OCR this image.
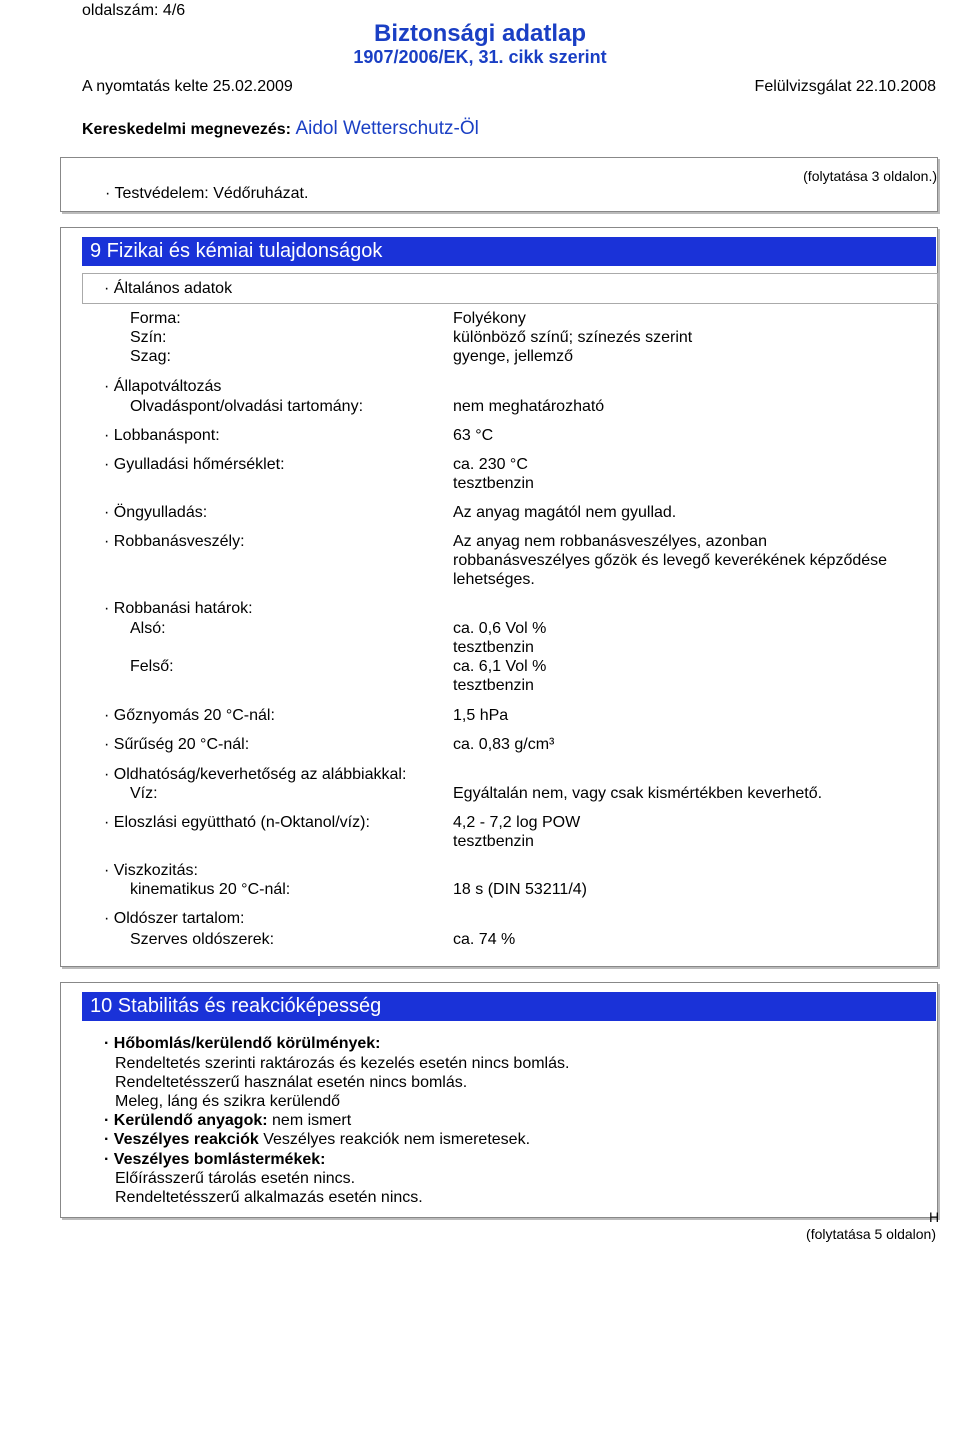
oldalszám: 4/6
Biztonsági adatlap
1907/2006/EK, 31. cikk szerint
A nyomtatás kelte 25.02.2009	Felülvizsgálat 22.10.2008
Kereskedelmi megnevezés: Aidol Wetterschutz-Öl
(folytatása 3 oldalon.)
· Testvédelem: Védőruházat.
9 Fizikai és kémiai tulajdonságok
· Általános adatok
Forma:	Folyékony
Szín:	különböző színű; színezés szerint
Szag:	gyenge, jellemző
· Állapotváltozás
Olvadáspont/olvadási tartomány:	nem meghatározható
· Lobbanáspont:	63 °C
· Gyulladási hőmérséklet:	ca. 230 °C
tesztbenzin
· Öngyulladás:	Az anyag magától nem gyullad.
· Robbanásveszély:	Az anyag nem robbanásveszélyes, azonban
robbanásveszélyes gőzök és levegő keverékének képződése
lehetséges.
· Robbanási határok:
Alsó:	ca. 0,6 Vol %
tesztbenzin
Felső:	ca. 6,1 Vol %
tesztbenzin
· Gőznyomás 20 °C-nál:	1,5 hPa
· Sűrűség 20 °C-nál:	ca. 0,83 g/cm³
· Oldhatóság/keverhetőség az alábbiakkal:
Víz:	Egyáltalán nem, vagy csak kismértékben keverhető.
· Eloszlási együttható (n-Oktanol/víz):	4,2 - 7,2 log POW
tesztbenzin
· Viszkozitás:
kinematikus 20 °C-nál:	18 s (DIN 53211/4)
· Oldószer tartalom:
Szerves oldószerek:	ca. 74 %
10 Stabilitás és reakcióképesség
· Hőbomlás/kerülendő körülmények:
Rendeltetés szerinti raktározás és kezelés esetén nincs bomlás.
Rendeltetésszerű használat esetén nincs bomlás.
Meleg, láng és szikra kerülendő
· Kerülendő anyagok: nem ismert
· Veszélyes reakciók Veszélyes reakciók nem ismeretesek.
· Veszélyes bomlástermékek:
Előírásszerű tárolás esetén nincs.
Rendeltetésszerű alkalmazás esetén nincs.
H
(folytatása 5 oldalon)
